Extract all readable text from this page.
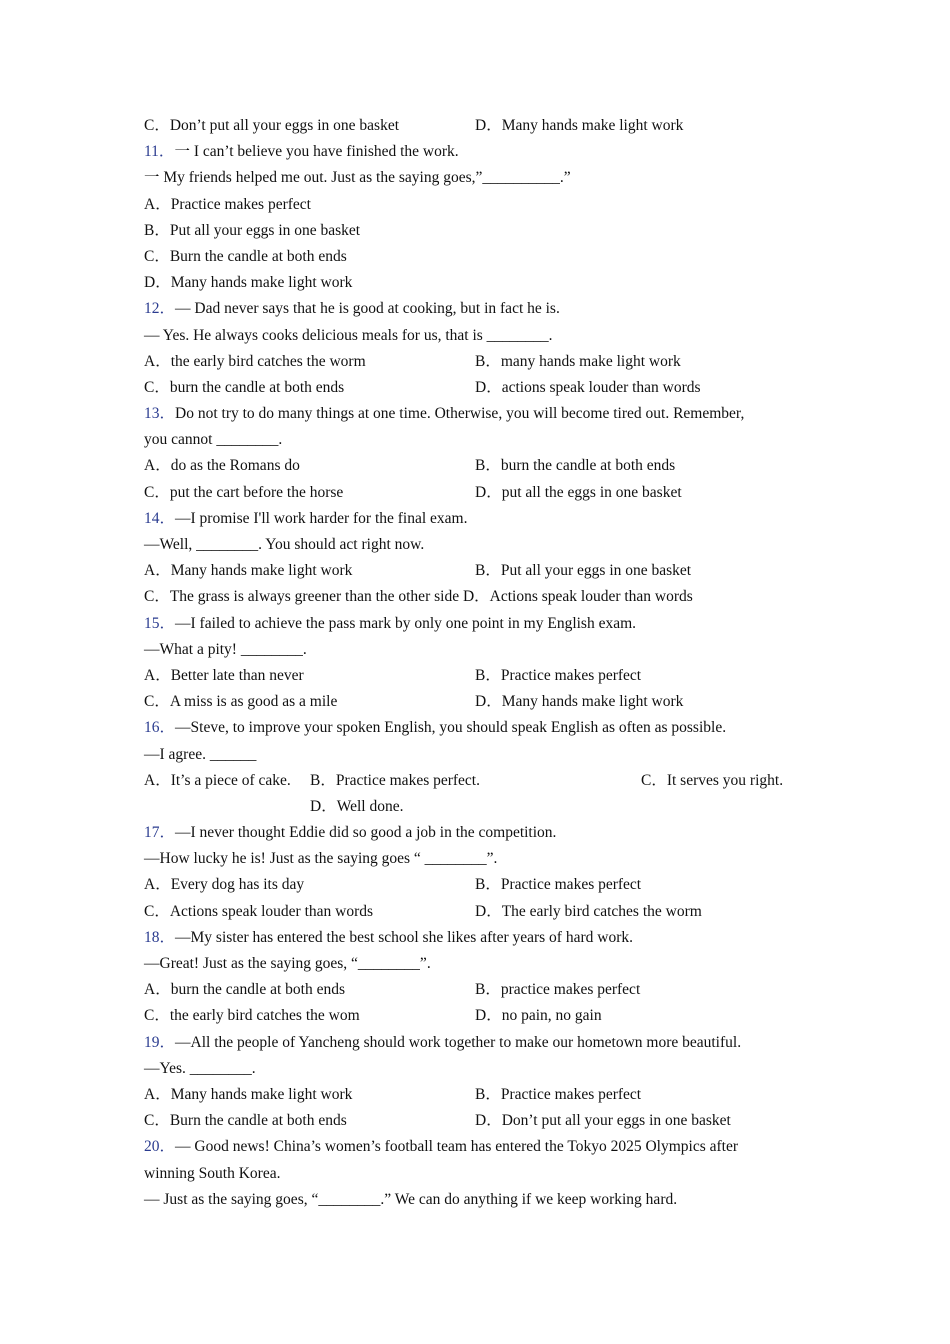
C．Don’t put all your eggs in one basket	D．Many hands make light work
11．一 I can’t believe you have finished the work.
一 My friends helped me out. Just as the saying goes,”__________.”
A．Practice makes perfect
B．Put all your eggs in one basket
C．Burn the candle at both ends
D．Many hands make light work
12．— Dad never says that he is good at cooking, but in fact he is.
— Yes. He always cooks delicious meals for us, that is ________.
A．the early bird catches the worm	B．many hands make light work
C．burn the candle at both ends	D．actions speak louder than words
13．Do not try to do many things at one time. Otherwise, you will become tired out. Remember,
you cannot ________.
A．do as the Romans do	B．burn the candle at both ends
C．put the cart before the horse	D．put all the eggs in one basket
14．—I promise I'll work harder for the final exam.
—Well, ________. You should act right now.
A．Many hands make light work	B．Put all your eggs in one basket
C．The grass is always greener than the other side D．Actions speak louder than words
15．—I failed to achieve the pass mark by only one point in my English exam.
—What a pity! ________.
A．Better late than never	B．Practice makes perfect
C．A miss is as good as a mile	D．Many hands make light work
16．—Steve, to improve your spoken English, you should speak English as often as possible.
—I agree. ______
A．It’s a piece of cake. B．Practice makes perfect.	C．It serves you right.
D．Well done.
17．—I never thought Eddie did so good a job in the competition.
—How lucky he is! Just as the saying goes “ ________”.
A．Every dog has its day	B．Practice makes perfect
C．Actions speak louder than words	D．The early bird catches the worm
18．—My sister has entered the best school she likes after years of hard work.
—Great! Just as the saying goes, “________”.
A．burn the candle at both ends	B．practice makes perfect
C．the early bird catches the wom	D．no pain, no gain
19．—All the people of Yancheng should work together to make our hometown more beautiful.
—Yes. ________.
A．Many hands make light work	B．Practice makes perfect
C．Burn the candle at both ends	D．Don’t put all your eggs in one basket
20．— Good news! China’s women’s football team has entered the Tokyo 2025 Olympics after
winning South Korea.
— Just as the saying goes, “________.” We can do anything if we keep working hard.
